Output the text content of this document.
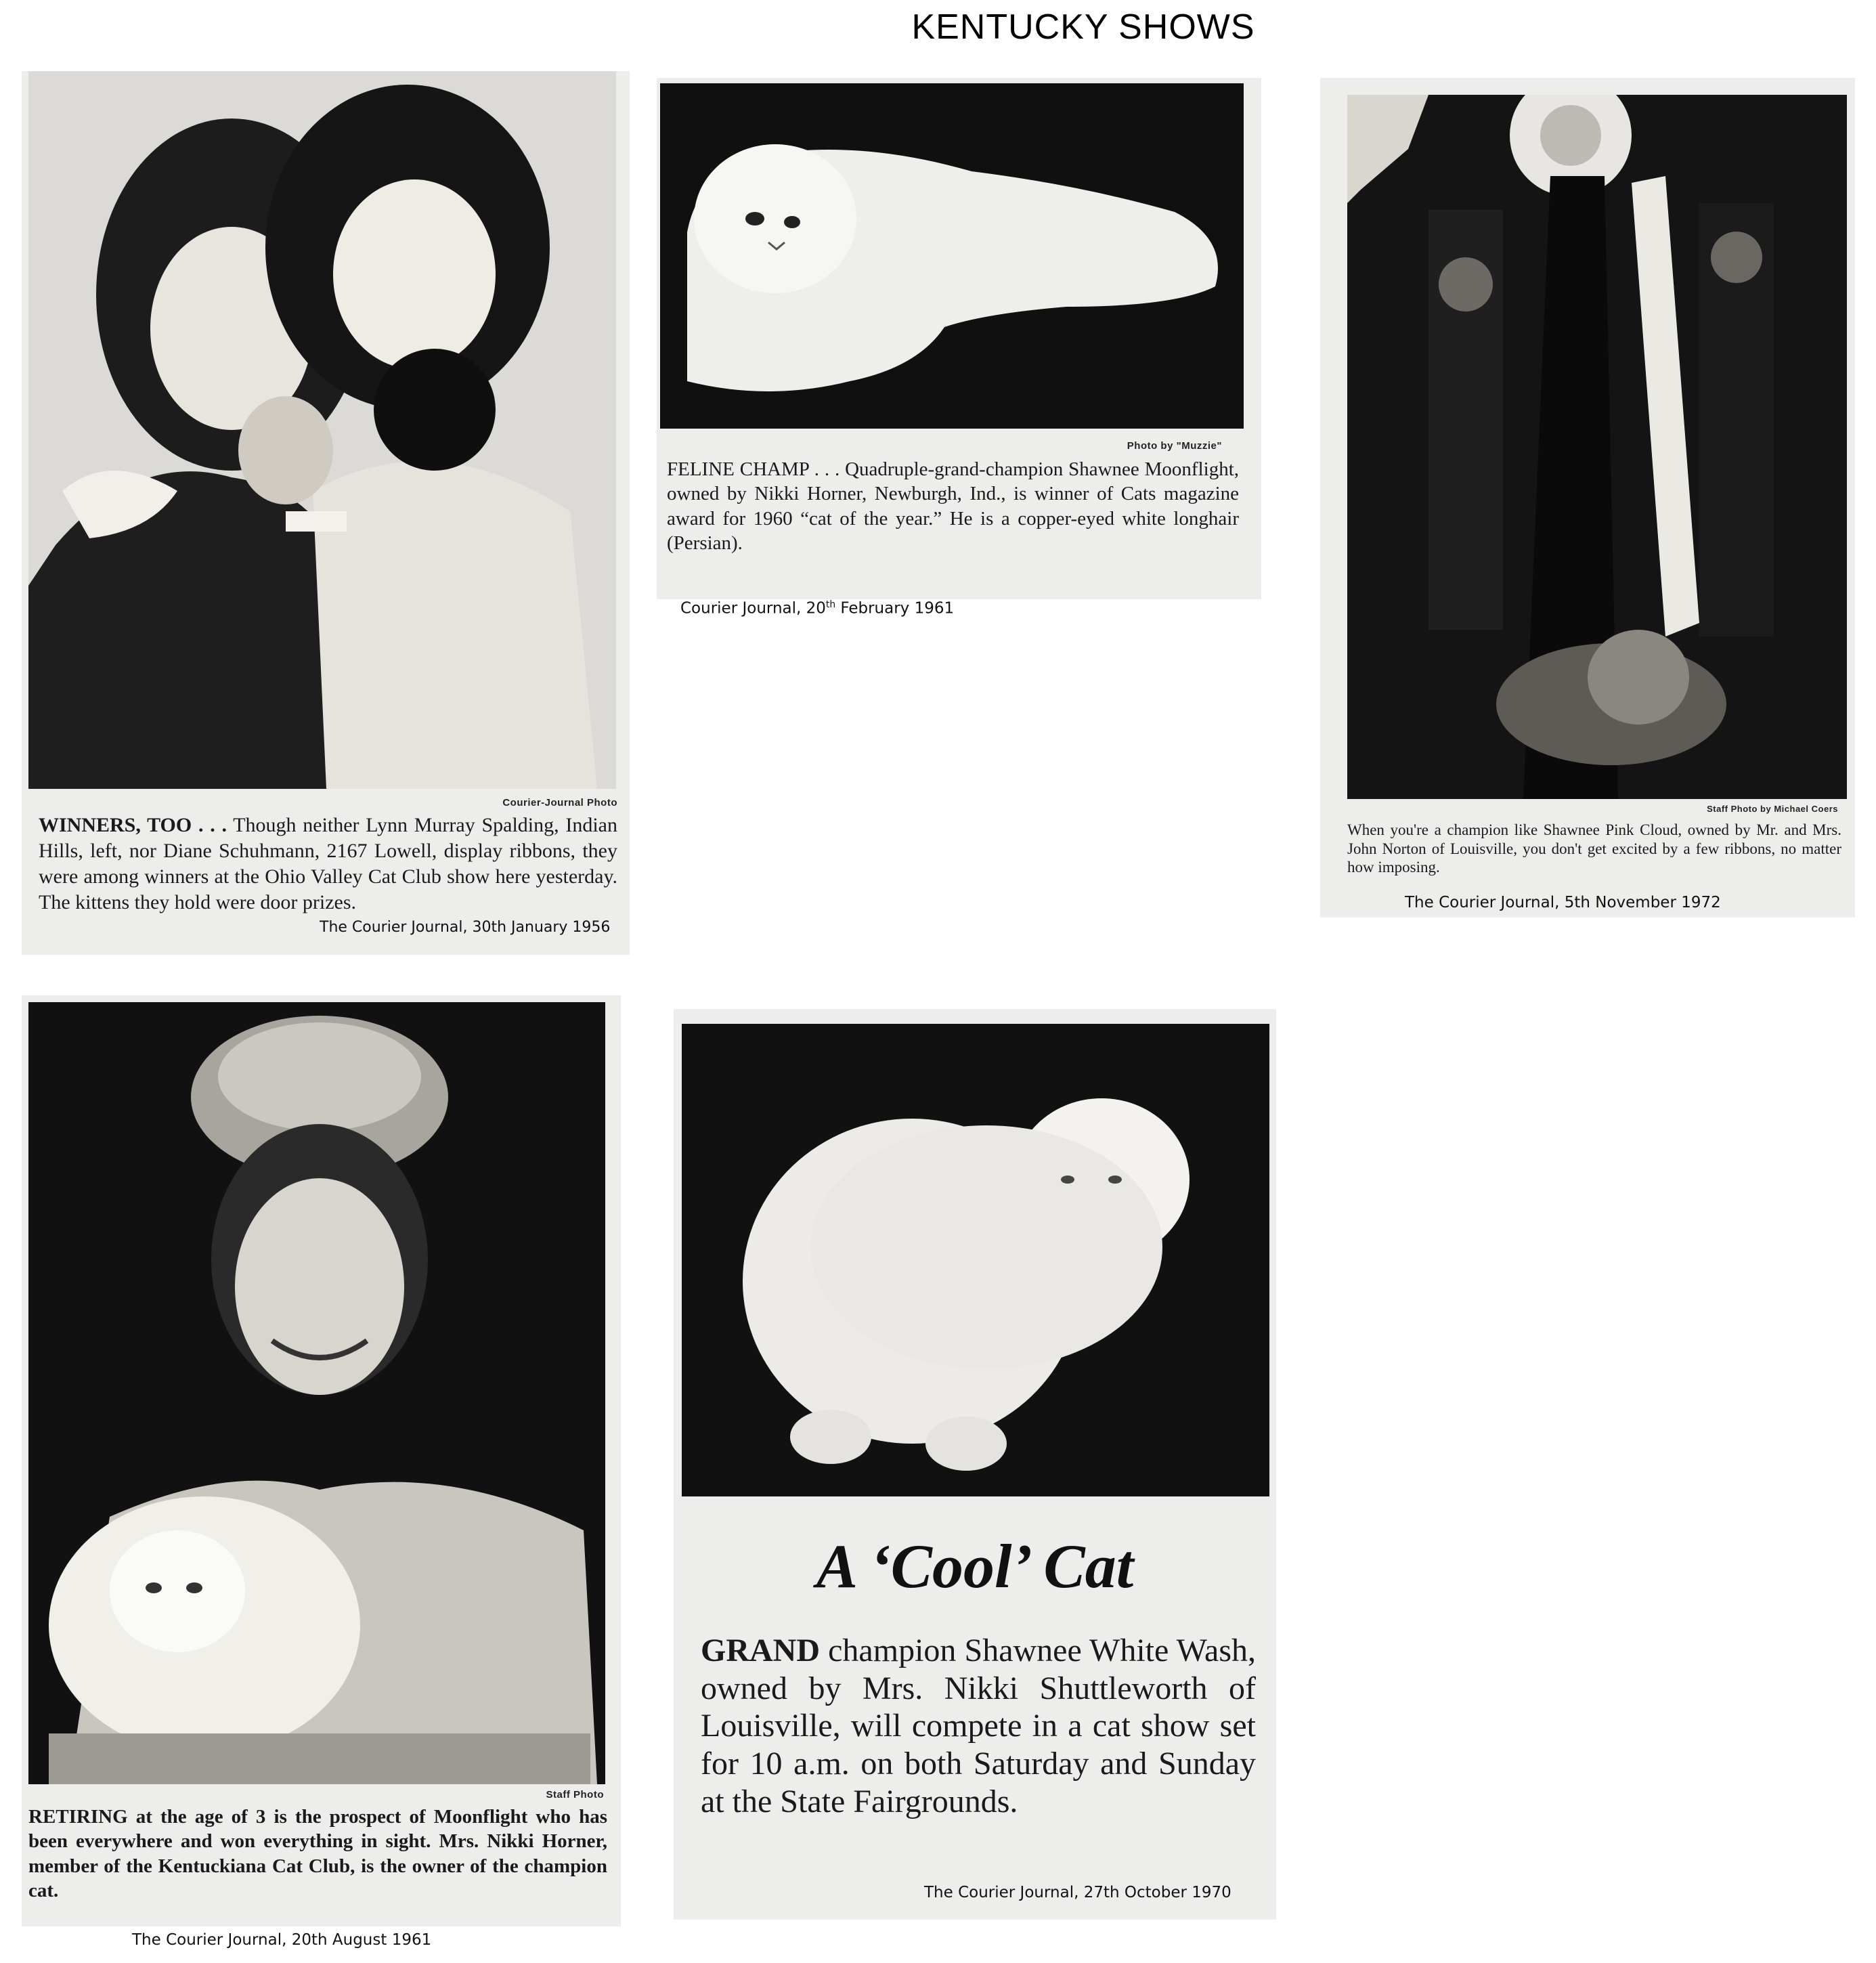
KENTUCKY SHOWS
Courier-Journal Photo
WINNERS, TOO . . . Though neither Lynn Murray Spalding, Indian Hills, left, nor Diane Schuhmann, 2167 Lowell, display ribbons, they were among winners at the Ohio Valley Cat Club show here yesterday. The kittens they hold were door prizes.
The Courier Journal, 30th January 1956
Photo by "Muzzie"
FELINE CHAMP . . . Quadruple-grand-champion Shawnee Moonflight, owned by Nikki Horner, Newburgh, Ind., is winner of Cats magazine award for 1960 “cat of the year.” He is a copper-eyed white longhair (Persian).
Courier Journal, 20th February 1961
Staff Photo by Michael Coers
When you're a champion like Shawnee Pink Cloud, owned by Mr. and Mrs. John Norton of Louisville, you don't get excited by a few ribbons, no matter how imposing.
The Courier Journal, 5th November 1972
Staff Photo
RETIRING at the age of 3 is the prospect of Moonflight who has been everywhere and won everything in sight. Mrs. Nikki Horner, member of the Kentuckiana Cat Club, is the owner of the champion cat.
The Courier Journal, 20th August 1961
A ‘Cool’ Cat
GRAND champion Shawnee White Wash, owned by Mrs. Nikki Shuttleworth of Louisville, will compete in a cat show set for 10 a.m. on both Saturday and Sunday at the State Fairgrounds.
The Courier Journal, 27th October 1970
